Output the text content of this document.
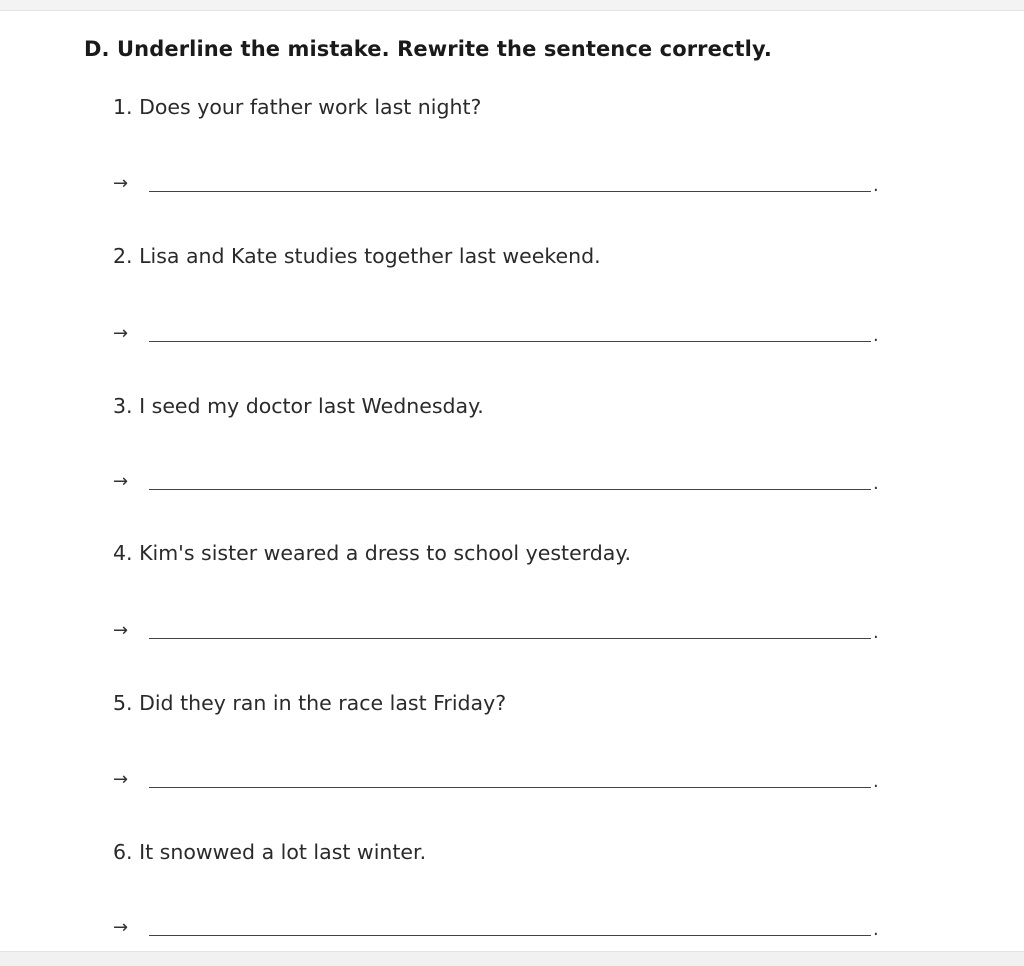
D. Underline the mistake. Rewrite the sentence correctly.
1. Does your father work last night?
→	.
2. Lisa and Kate studies together last weekend.
→	.
3. I seed my doctor last Wednesday.
→	.
4. Kim's sister weared a dress to school yesterday.
→	.
5. Did they ran in the race last Friday?
→	.
6. It snowwed a lot last winter.
→	.
